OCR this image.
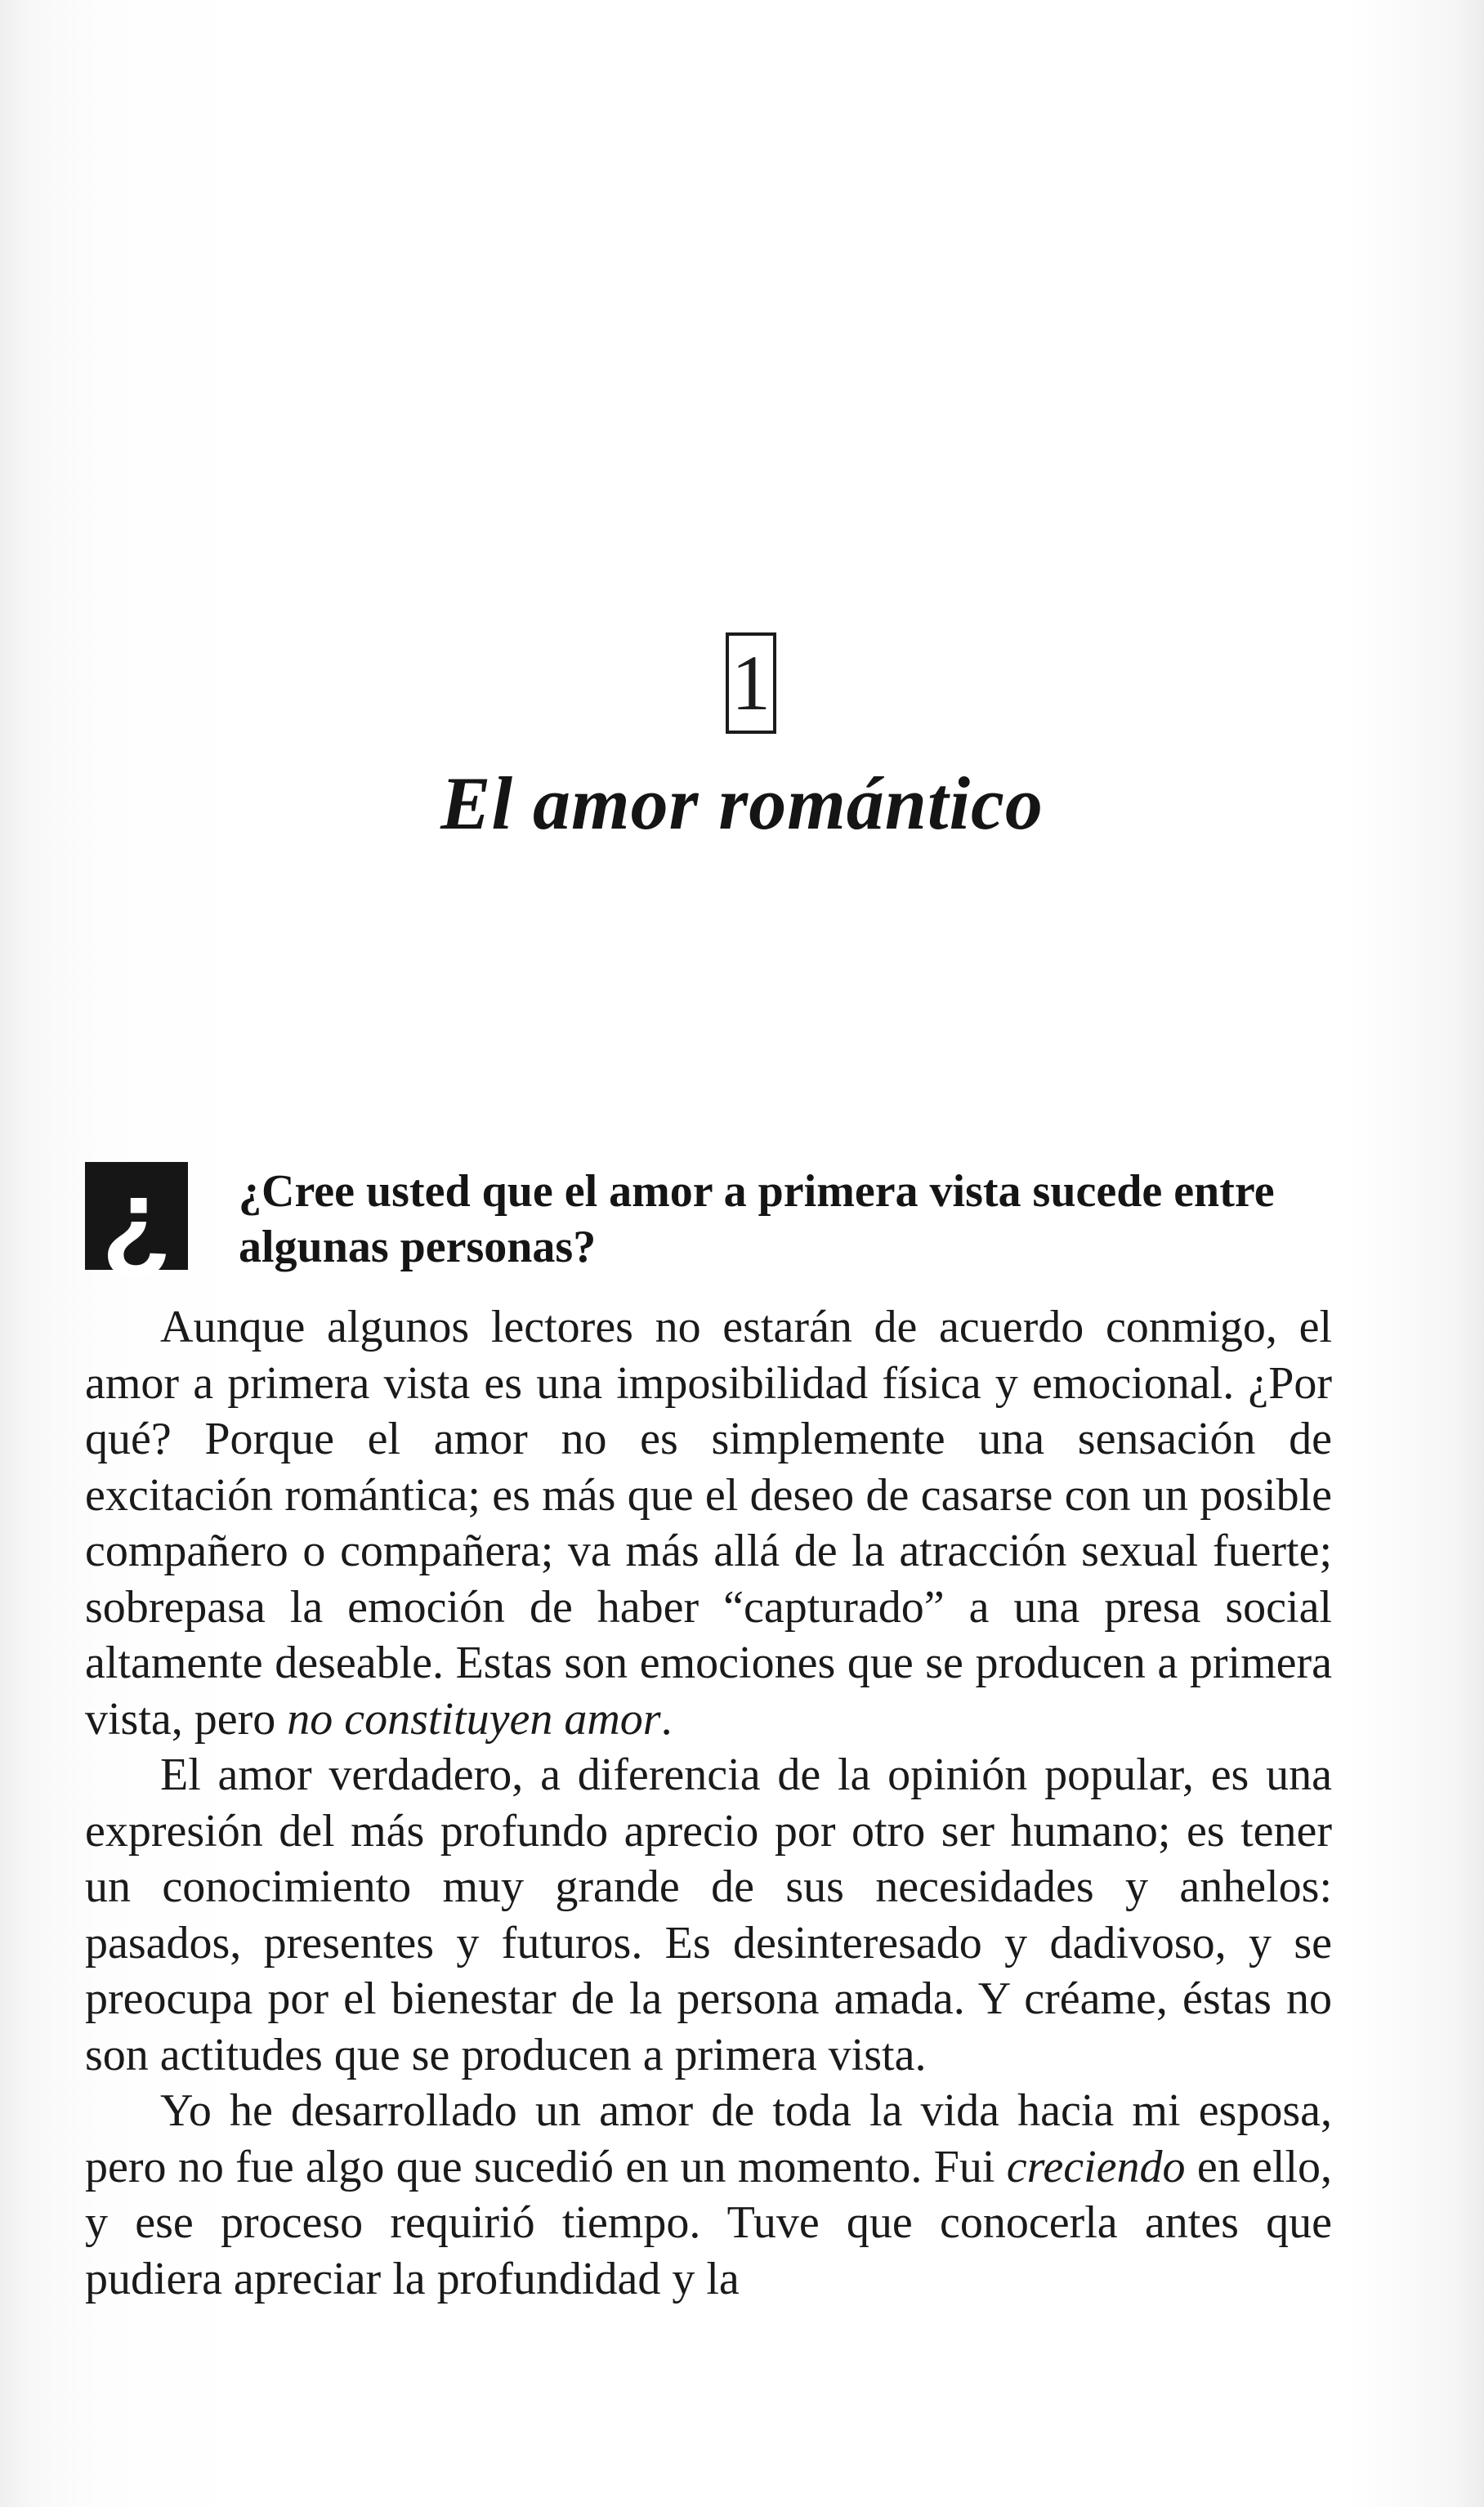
1
El amor romántico
¿ ¿Cree usted que el amor a primera vista sucede entre algunas personas?

Aunque algunos lectores no estarán de acuerdo conmigo, el amor a primera vista es una imposibilidad física y emocional. ¿Por qué? Porque el amor no es simplemente una sensación de excitación romántica; es más que el deseo de casarse con un posible compañero o compañera; va más allá de la atracción sexual fuerte; sobrepasa la emoción de haber “capturado” a una presa social altamente deseable. Estas son emociones que se producen a primera vista, pero no constituyen amor.

El amor verdadero, a diferencia de la opinión popular, es una expresión del más profundo aprecio por otro ser humano; es tener un conocimiento muy grande de sus necesidades y anhelos: pasados, presentes y futuros. Es desinteresado y dadivoso, y se preocupa por el bienestar de la persona amada. Y créame, éstas no son actitudes que se producen a primera vista.

Yo he desarrollado un amor de toda la vida hacia mi esposa, pero no fue algo que sucedió en un momento. Fui creciendo en ello, y ese proceso requirió tiempo. Tuve que conocerla antes que pudiera apreciar la profundidad y la
